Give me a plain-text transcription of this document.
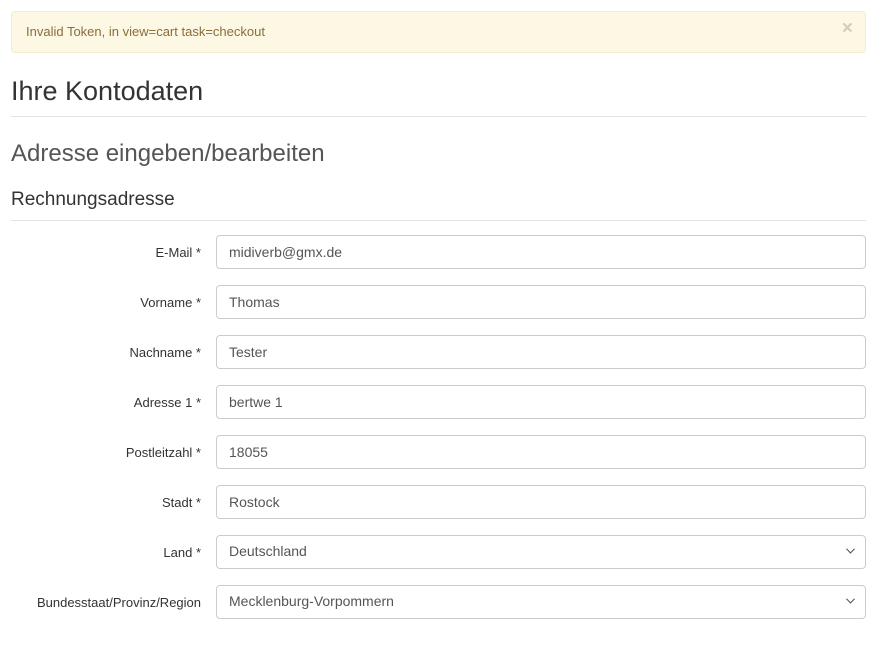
Invalid Token, in view=cart task=checkout	×
Ihre Kontodaten
Adresse eingeben/bearbeiten
Rechnungsadresse
E-Mail *
midiverb@gmx.de
Vorname *
Thomas
Nachname *
Tester
Adresse 1 *
bertwe 1
Postleitzahl *
18055
Stadt *
Rostock
Land *
Deutschland
Bundesstaat/Provinz/Region
Mecklenburg-Vorpommern
